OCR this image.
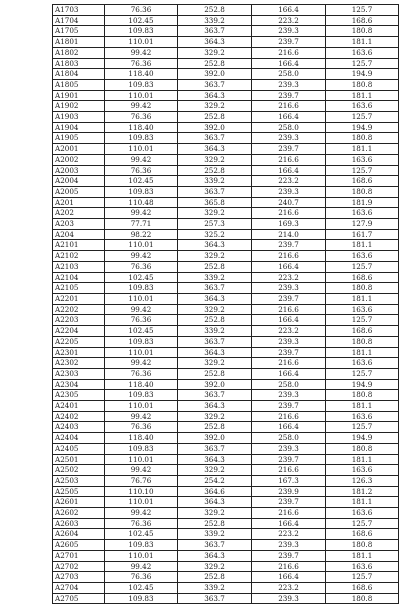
A1703	76.36	252.8	166.4	125.7
A1704	102.45	339.2	223.2	168.6
A1705	109.83	363.7	239.3	180.8
A1801	110.01	364.3	239.7	181.1
A1802	99.42	329.2	216.6	163.6
A1803	76.36	252.8	166.4	125.7
A1804	118.40	392.0	258.0	194.9
A1805	109.83	363.7	239.3	180.8
A1901	110.01	364.3	239.7	181.1
A1902	99.42	329.2	216.6	163.6
A1903	76.36	252.8	166.4	125.7
A1904	118.40	392.0	258.0	194.9
A1905	109.83	363.7	239.3	180.8
A2001	110.01	364.3	239.7	181.1
A2002	99.42	329.2	216.6	163.6
A2003	76.36	252.8	166.4	125.7
A2004	102.45	339.2	223.2	168.6
A2005	109.83	363.7	239.3	180.8
A201	110.48	365.8	240.7	181.9
A202	99.42	329.2	216.6	163.6
A203	77.71	257.3	169.3	127.9
A204	98.22	325.2	214.0	161.7
A2101	110.01	364.3	239.7	181.1
A2102	99.42	329.2	216.6	163.6
A2103	76.36	252.8	166.4	125.7
A2104	102.45	339.2	223.2	168.6
A2105	109.83	363.7	239.3	180.8
A2201	110.01	364.3	239.7	181.1
A2202	99.42	329.2	216.6	163.6
A2203	76.36	252.8	166.4	125.7
A2204	102.45	339.2	223.2	168.6
A2205	109.83	363.7	239.3	180.8
A2301	110.01	364.3	239.7	181.1
A2302	99.42	329.2	216.6	163.6
A2303	76.36	252.8	166.4	125.7
A2304	118.40	392.0	258.0	194.9
A2305	109.83	363.7	239.3	180.8
A2401	110.01	364.3	239.7	181.1
A2402	99.42	329.2	216.6	163.6
A2403	76.36	252.8	166.4	125.7
A2404	118.40	392.0	258.0	194.9
A2405	109.83	363.7	239.3	180.8
A2501	110.01	364.3	239.7	181.1
A2502	99.42	329.2	216.6	163.6
A2503	76.76	254.2	167.3	126.3
A2505	110.10	364.6	239.9	181.2
A2601	110.01	364.3	239.7	181.1
A2602	99.42	329.2	216.6	163.6
A2603	76.36	252.8	166.4	125.7
A2604	102.45	339.2	223.2	168.6
A2605	109.83	363.7	239.3	180.8
A2701	110.01	364.3	239.7	181.1
A2702	99.42	329.2	216.6	163.6
A2703	76.36	252.8	166.4	125.7
A2704	102.45	339.2	223.2	168.6
A2705	109.83	363.7	239.3	180.8
